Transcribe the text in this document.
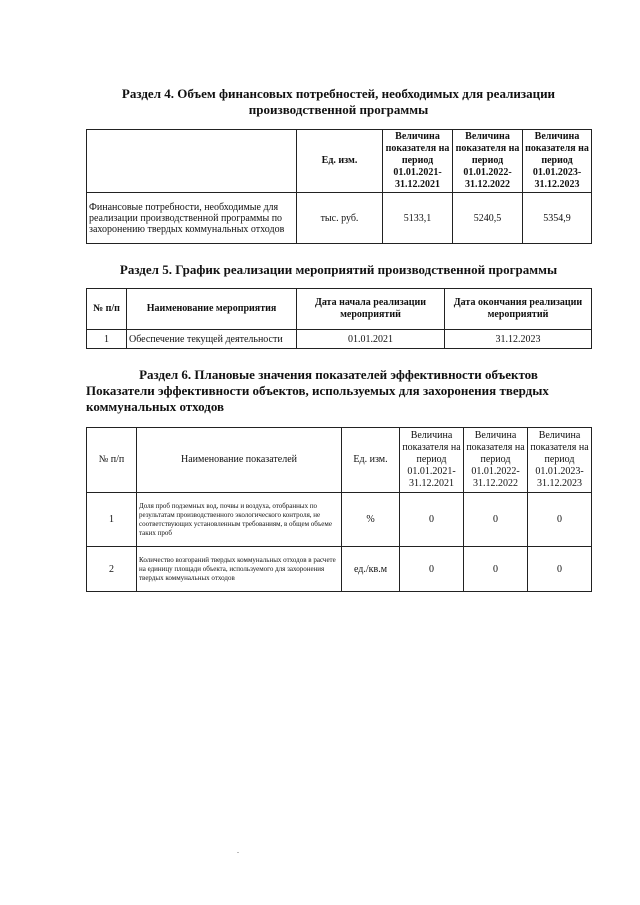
Раздел 4. Объем финансовых потребностей, необходимых для реализации
производственной программы
	Ед. изм.	Величина показателя на период 01.01.2021-31.12.2021	Величина показателя на период 01.01.2022-31.12.2022	Величина показателя на период 01.01.2023-31.12.2023
Финансовые потребности, необходимые для реализации производственной программы по захоронению твердых коммунальных отходов	тыс. руб.	5133,1	5240,5	5354,9
Раздел 5. График реализации мероприятий производственной программы
№ п/п	Наименование мероприятия	Дата начала реализации мероприятий	Дата окончания реализации мероприятий
1	Обеспечение текущей деятельности	01.01.2021	31.12.2023
Раздел 6. Плановые значения показателей эффективности объектов
Показатели эффективности объектов, используемых для захоронения твердых
коммунальных отходов
№ п/п	Наименование показателей	Ед. изм.	Величина показателя на период 01.01.2021-31.12.2021	Величина показателя на период 01.01.2022-31.12.2022	Величина показателя на период 01.01.2023-31.12.2023
1	Доля проб подземных вод, почвы и воздуха, отобранных по результатам производственного экологического контроля, не соответствующих установленным требованиям, в общем объеме таких проб	%	0	0	0
2	Количество возгораний твердых коммунальных отходов в расчете на единицу площади объекта, используемого для захоронения твердых коммунальных отходов	ед./кв.м	0	0	0
